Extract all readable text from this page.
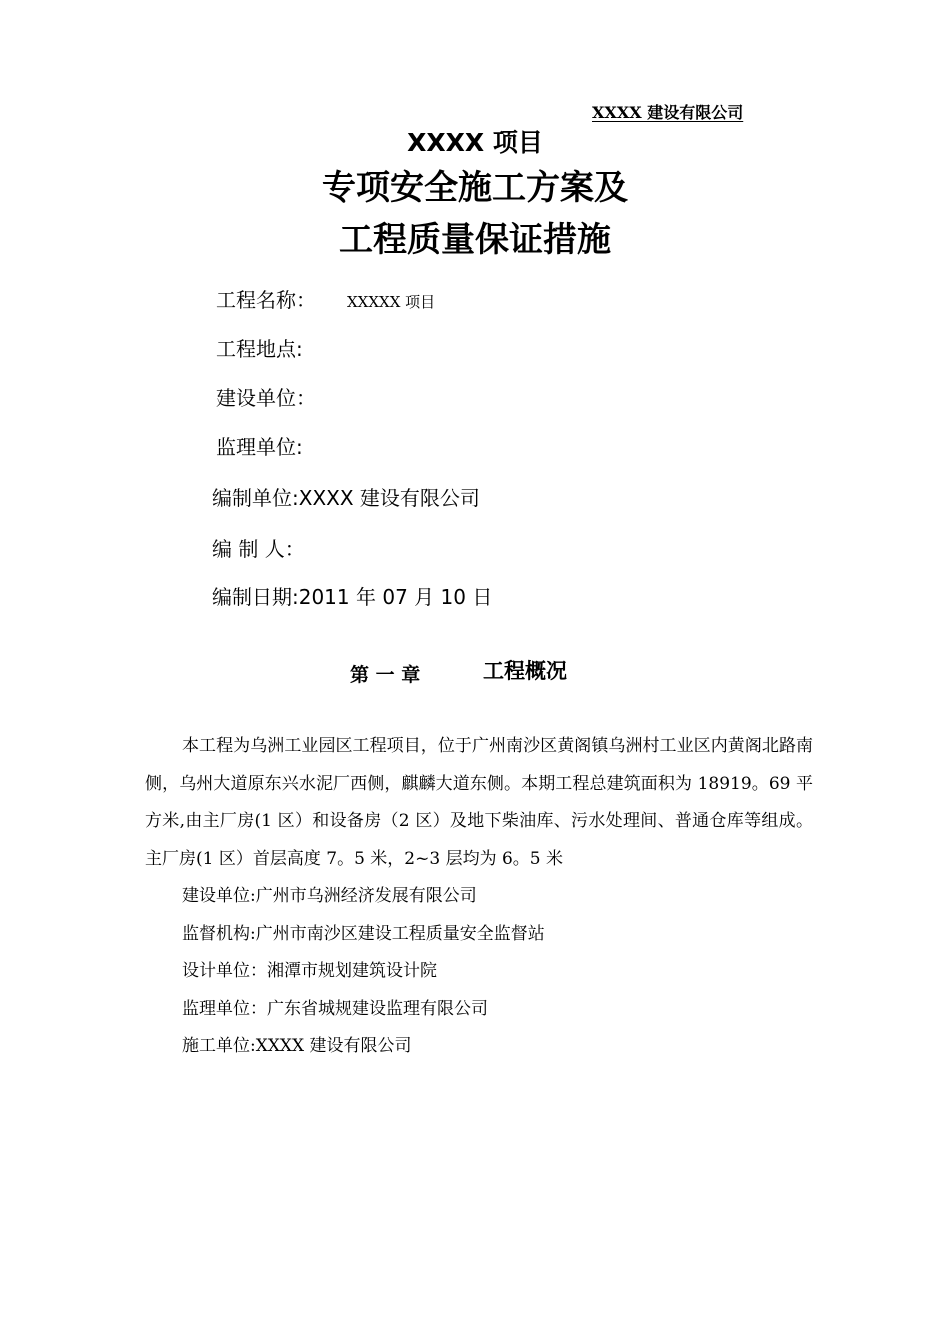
XXXX 建设有限公司
XXXX 项目
专项安全施工方案及
工程质量保证措施
工程名称： XXXXX 项目
工程地点:
建设单位：
监理单位:
编制单位:XXXX 建设有限公司
编 制 人：
编制日期:2011 年 07 月 10 日
第 一 章	工程概况

本工程为乌洲工业园区工程项目，位于广州南沙区黄阁镇乌洲村工业区内黄阁北路南侧，乌州大道原东兴水泥厂西侧，麒麟大道东侧。本期工程总建筑面积为 18919。69 平方米,由主厂房(1 区）和设备房（2 区）及地下柴油库、污水处理间、普通仓库等组成。主厂房(1 区）首层高度 7。5 米，2~3 层均为 6。5 米

建设单位:广州市乌洲经济发展有限公司

监督机构:广州市南沙区建设工程质量安全监督站

设计单位：湘潭市规划建筑设计院

监理单位：广东省城规建设监理有限公司

施工单位:XXXX 建设有限公司
